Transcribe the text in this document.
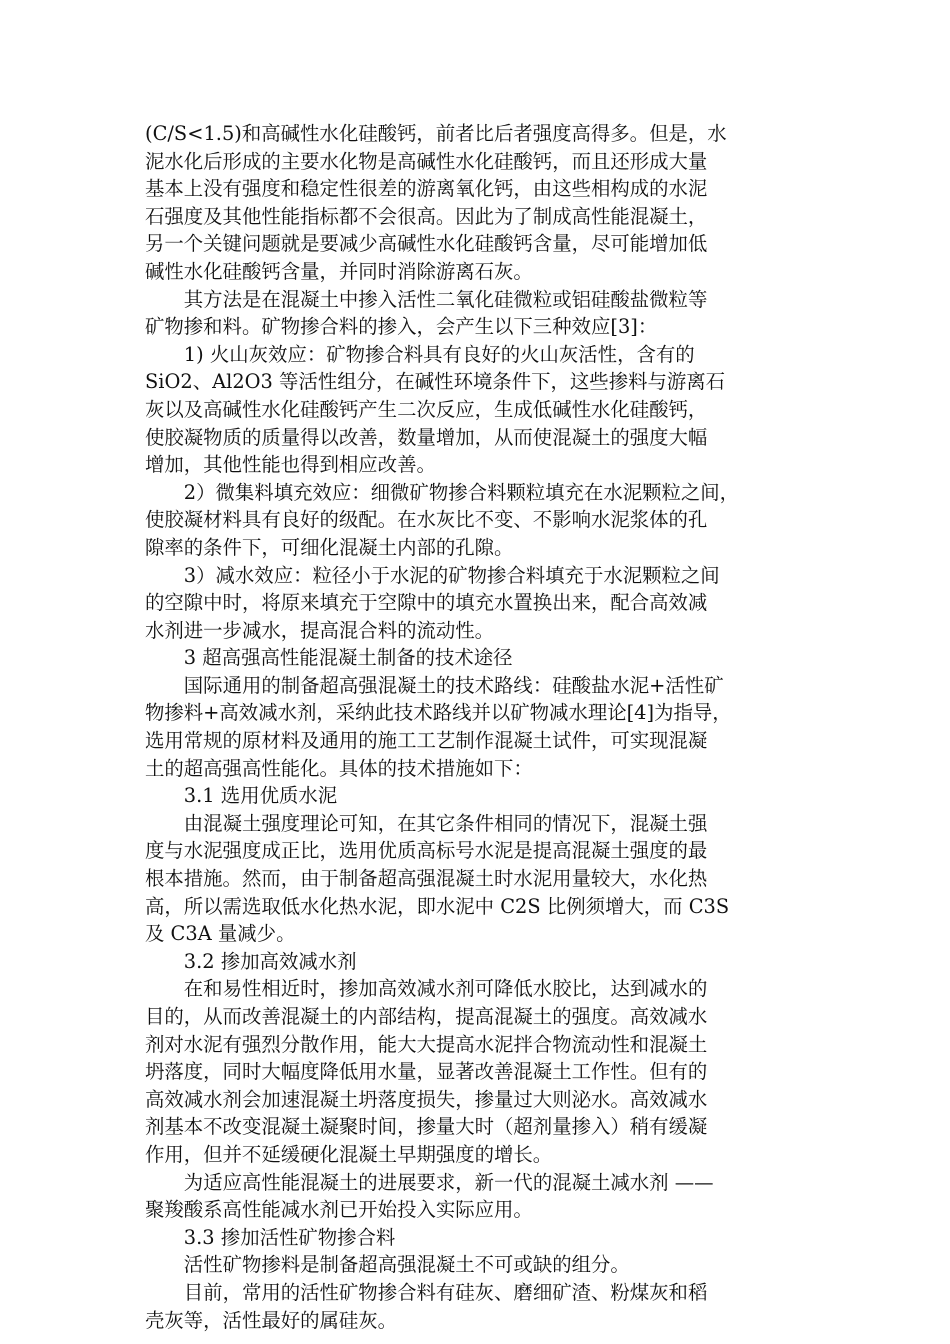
(C/S<1.5)和高碱性水化硅酸钙，前者比后者强度高得多。但是，水
泥水化后形成的主要水化物是高碱性水化硅酸钙，而且还形成大量
基本上没有强度和稳定性很差的游离氧化钙，由这些相构成的水泥
石强度及其他性能指标都不会很高。因此为了制成高性能混凝土，
另一个关键问题就是要减少高碱性水化硅酸钙含量，尽可能增加低
碱性水化硅酸钙含量，并同时消除游离石灰。
其方法是在混凝土中掺入活性二氧化硅微粒或铝硅酸盐微粒等
矿物掺和料。矿物掺合料的掺入，会产生以下三种效应[3]：
1) 火山灰效应：矿物掺合料具有良好的火山灰活性，含有的
SiO2、Al2O3 等活性组分，在碱性环境条件下，这些掺料与游离石
灰以及高碱性水化硅酸钙产生二次反应，生成低碱性水化硅酸钙，
使胶凝物质的质量得以改善，数量增加，从而使混凝土的强度大幅
增加，其他性能也得到相应改善。
2）微集料填充效应：细微矿物掺合料颗粒填充在水泥颗粒之间，
使胶凝材料具有良好的级配。在水灰比不变、不影响水泥浆体的孔
隙率的条件下，可细化混凝土内部的孔隙。
3）减水效应：粒径小于水泥的矿物掺合料填充于水泥颗粒之间
的空隙中时，将原来填充于空隙中的填充水置换出来，配合高效减
水剂进一步减水，提高混合料的流动性。
3 超高强高性能混凝土制备的技术途径
国际通用的制备超高强混凝土的技术路线：硅酸盐水泥+活性矿
物掺料+高效减水剂，采纳此技术路线并以矿物减水理论[4]为指导，
选用常规的原材料及通用的施工工艺制作混凝土试件，可实现混凝
土的超高强高性能化。具体的技术措施如下：
3.1 选用优质水泥
由混凝土强度理论可知，在其它条件相同的情况下，混凝土强
度与水泥强度成正比，选用优质高标号水泥是提高混凝土强度的最
根本措施。然而，由于制备超高强混凝土时水泥用量较大，水化热
高，所以需选取低水化热水泥，即水泥中 C2S 比例须增大，而 C3S
及 C3A 量减少。
3.2 掺加高效减水剂
在和易性相近时，掺加高效减水剂可降低水胶比，达到减水的
目的，从而改善混凝土的内部结构，提高混凝土的强度。高效减水
剂对水泥有强烈分散作用，能大大提高水泥拌合物流动性和混凝土
坍落度，同时大幅度降低用水量，显著改善混凝土工作性。但有的
高效减水剂会加速混凝土坍落度损失，掺量过大则泌水。高效减水
剂基本不改变混凝土凝聚时间，掺量大时（超剂量掺入）稍有缓凝
作用，但并不延缓硬化混凝土早期强度的增长。
为适应高性能混凝土的进展要求，新一代的混凝土减水剂 ——
聚羧酸系高性能减水剂已开始投入实际应用。
3.3 掺加活性矿物掺合料
活性矿物掺料是制备超高强混凝土不可或缺的组分。
目前，常用的活性矿物掺合料有硅灰、磨细矿渣、粉煤灰和稻
壳灰等，活性最好的属硅灰。
